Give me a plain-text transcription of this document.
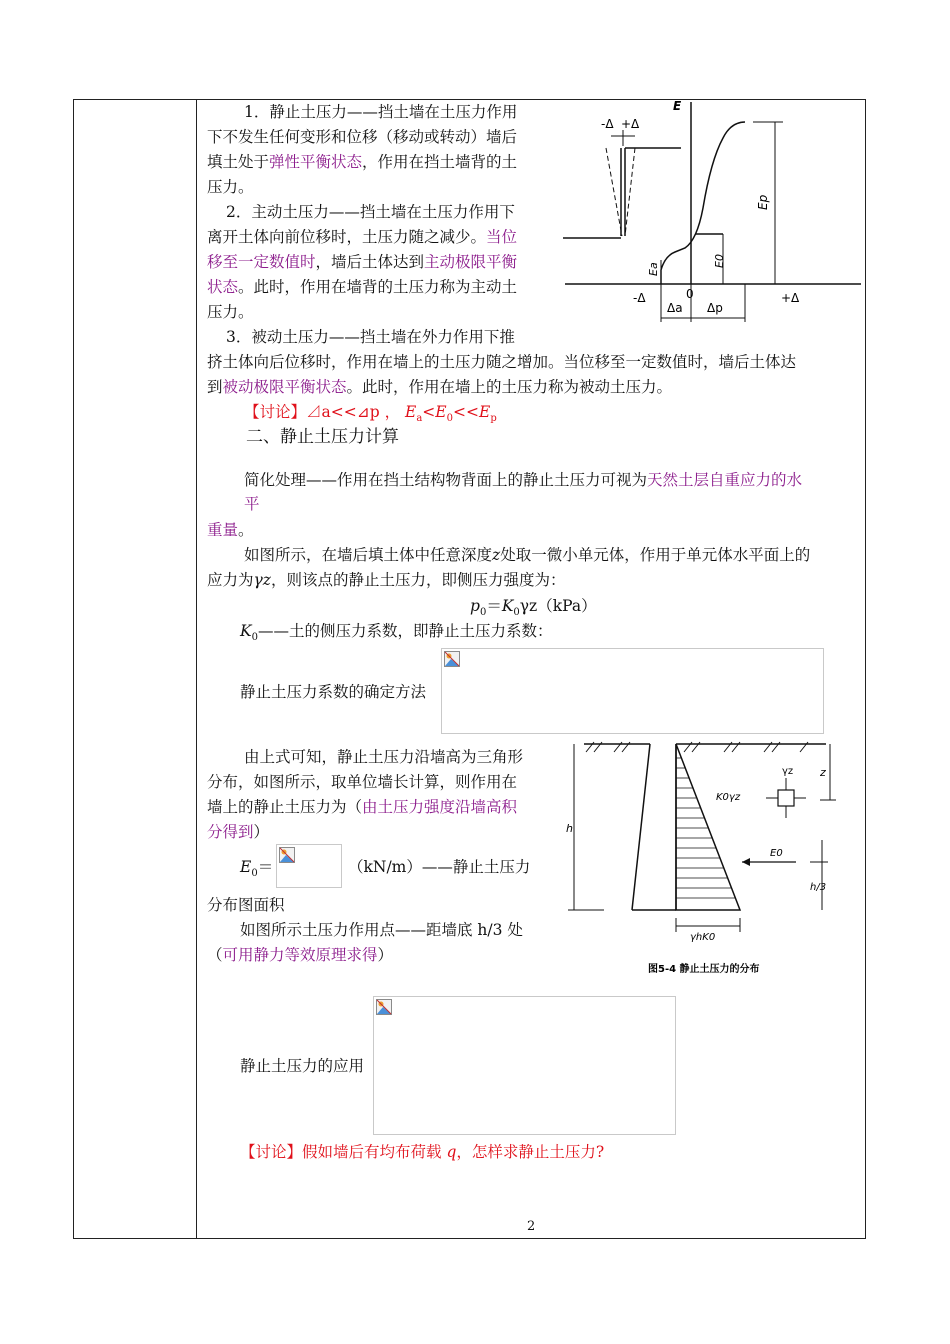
-Δ +Δ
E
E0
Ea
Ep
-Δ	0	+Δ
Δa Δp
1．静止土压力——挡土墙在土压力作用
下不发生任何变形和位移（移动或转动）墙后
填土处于弹性平衡状态，作用在挡土墙背的土
压力。
2．主动土压力——挡土墙在土压力作用下
离开土体向前位移时，土压力随之减少。当位
移至一定数值时，墙后土体达到主动极限平衡
状态。此时，作用在墙背的土压力称为主动土
压力。
3．被动土压力——挡土墙在外力作用下推
挤土体向后位移时，作用在墙上的土压力随之增加。当位移至一定数值时，墙后土体达
到被动极限平衡状态。此时，作用在墙上的土压力称为被动土压力。
【讨论】⊿a<<⊿p ， $E_a<E_0<<E_p$
二、静止土压力计算
简化处理——作用在挡土结构物背面上的静止土压力可视为天然土层自重应力的水
平
重量。
如图所示，在墙后填土体中任意深度z处取一微小单元体，作用于单元体水平面上的
应力为γz，则该点的静止土压力，即侧压力强度为：
$p_0=K_0\gamma z(kPa)$
$K_0——$土的侧压力系数，即静止土压力系数：
静止土压力系数的确定方法
h
z
γz
K0γz
E0
h/3
γhK0
图5-4 静止土压力的分布
由上式可知，静止土压力沿墙高为三角形
分布，如图所示，取单位墙长计算，则作用在
墙上的静止土压力为（由土压力强度沿墙高积
分得到）
$E_0=$	（kN/m）——静止土压力
分布图面积
如图所示土压力作用点——距墙底 h/3 处
（可用静力等效原理求得）
静止土压力的应用
【讨论】假如墙后有均布荷载 q，怎样求静止土压力?
2
